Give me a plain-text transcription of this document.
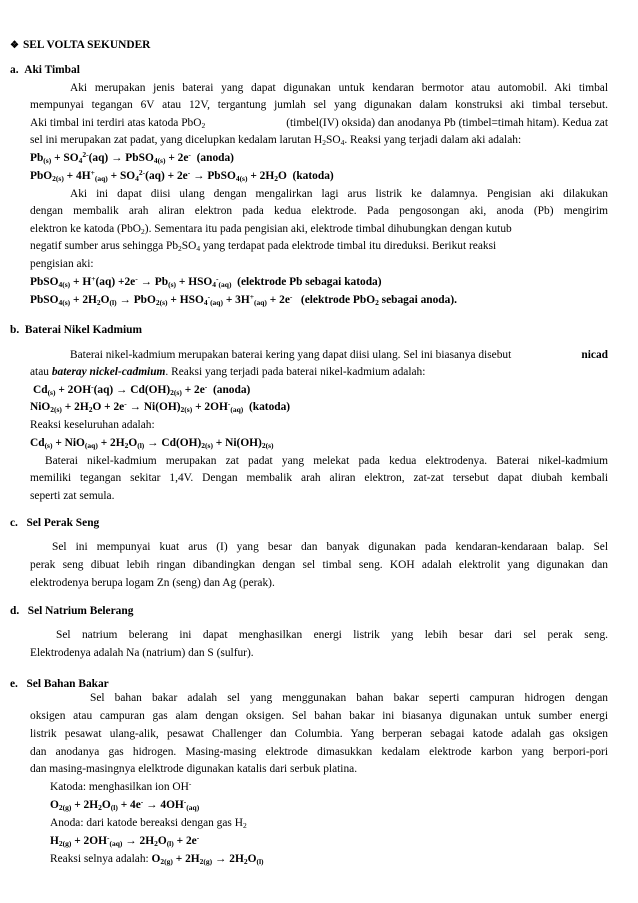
❖ SEL VOLTA SEKUNDER
a. Aki Timbal
Aki merupakan jenis baterai yang dapat digunakan untuk kendaran bermotor atau automobil. Aki timbal
mempunyai tegangan 6V atau 12V, tergantung jumlah sel yang digunakan dalam konstruksi aki timbal tersebut.
Aki timbal ini terdiri atas katoda PbO$_2$	(timbel(IV) oksida) dan anodanya Pb (timbel=timah hitam). Kedua zat
sel ini merupakan zat padat, yang dicelupkan kedalam larutan $H_2SO_4$. Reaksi yang terjadi dalam aki adalah:
$Pb_{(s)} + SO_4^{2-}(aq)$ → PbSO$_{4(s)}$ + 2e- (anoda)
$PbO_{2(s)} + 4H^+_{(aq)} + SO_4^{2-}(aq) + 2e^-$ → PbSO$_{4(s)}$ + $2H_2O$  (katoda)
Aki ini dapat diisi ulang dengan mengalirkan lagi arus listrik ke dalamnya. Pengisian aki dilakukan
dengan membalik arah aliran elektron pada kedua elektrode. Pada pengosongan aki, anoda (Pb) mengirim
elektron ke katoda (PbO$_2$). Sementara itu pada pengisian aki, elektrode timbal dihubungkan dengan kutub
negatif sumber arus sehingga $Pb_2SO_4$ yang terdapat pada elektrode timbal itu direduksi. Berikut reaksi
pengisian aki:
PbSO$_{4(s)}$ + $H^+(aq) +2e^- \to Pb_{(s)} + HSO_4^-_{(aq)}$ (elektrode Pb sebagai katoda)
PbSO$_{4(s)}$ + $2H_2O_{(l)} \to PbO_{2(s)} + HSO_4^-_{(aq)} + 3H^+_{(aq)} + 2e^-$ (elektrode PbO$_2$ sebagai anoda).
b. Baterai Nikel Kadmium
Baterai nikel-kadmium merupakan baterai kering yang dapat diisi ulang. Sel ini biasanya disebut	nicad
atau bateray nickel-cadmium. Reaksi yang terjadi pada baterai nikel-kadmium adalah:
$Cd_{(s)} + 2OH^-(aq) \to Cd(OH)_{2(s)} + 2e^-$ (anoda)
$NiO_{2(s)} + 2H_2O + 2e^- \to Ni(OH)_{2(s)} + 2OH^-_{(aq)}$ (katoda)
Reaksi keseluruhan adalah:
$Cd_{(s)} + NiO_{(aq)} + 2H_2O_{(l)} \to Cd(OH)_{2(s)} + Ni(OH)_{2(s)}$
Baterai nikel-kadmium merupakan zat padat yang melekat pada kedua elektrodenya. Baterai nikel-kadmium
memiliki tegangan sekitar 1,4V. Dengan membalik arah aliran elektron, zat-zat tersebut dapat diubah kembali
seperti zat semula.
c. Sel Perak Seng
Sel ini mempunyai kuat arus (I) yang besar dan banyak digunakan pada kendaran-kendaraan balap. Sel
perak seng dibuat lebih ringan dibandingkan dengan sel timbal seng. KOH adalah elektrolit yang digunakan dan
elektrodenya berupa logam Zn (seng) dan Ag (perak).
d. Sel Natrium Belerang
Sel natrium belerang ini dapat menghasilkan energi listrik yang lebih besar dari sel perak seng.
Elektrodenya adalah Na (natrium) dan S (sulfur).
e. Sel Bahan Bakar
Sel bahan bakar adalah sel yang menggunakan bahan bakar seperti campuran hidrogen dengan
oksigen atau campuran gas alam dengan oksigen. Sel bahan bakar ini biasanya digunakan untuk sumber energi
listrik pesawat ulang-alik, pesawat Challenger dan Columbia. Yang berperan sebagai katode adalah gas oksigen
dan anodanya gas hidrogen. Masing-masing elektrode dimasukkan kedalam elektrode karbon yang berpori-pori
dan masing-masingnya elelktrode digunakan katalis dari serbuk platina.
Katoda: menghasilkan ion OH-
$O_{2(g)} + 2H_2O_{(l)} + 4e^- \to 4OH^-_{(aq)}$
Anoda: dari katode bereaksi dengan gas $H_2$
$H_{2(g)} + 2OH^-_{(aq)} \to 2H_2O_{(l)} + 2e^-$
Reaksi selnya adalah: $O_{2(g)} + 2H_{2(g)} \to 2H_2O_{(l)}$
